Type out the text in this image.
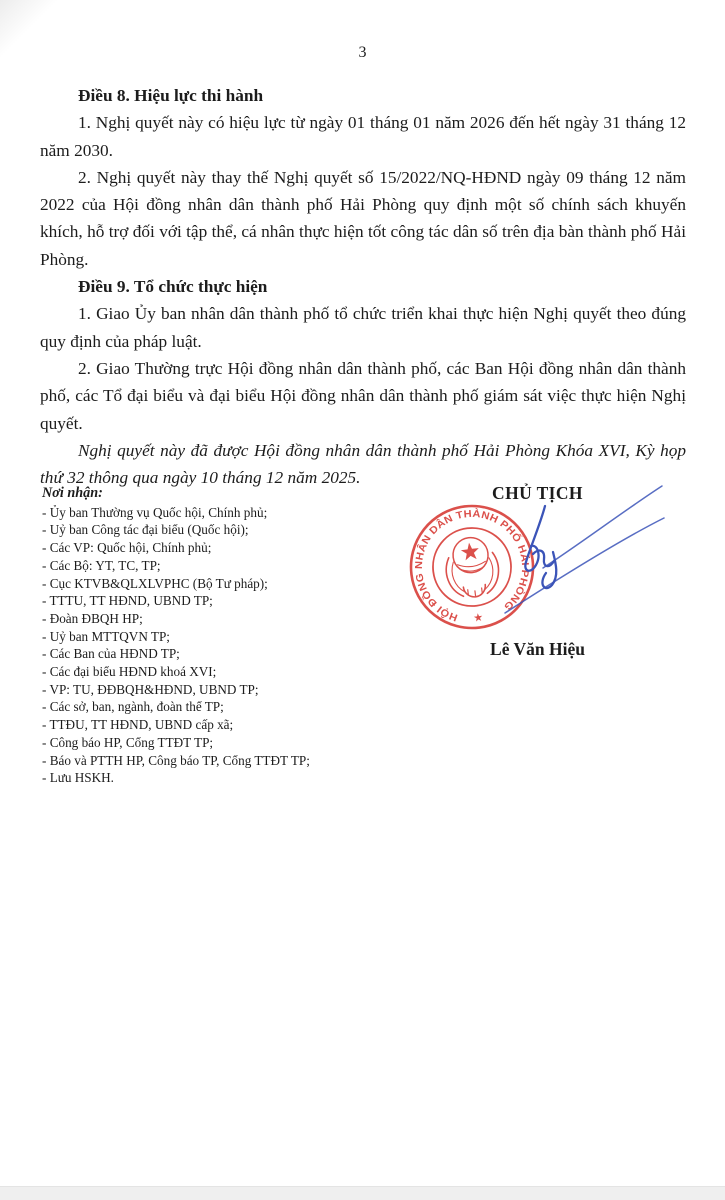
3
Điều 8. Hiệu lực thi hành

1. Nghị quyết này có hiệu lực từ ngày 01 tháng 01 năm 2026 đến hết ngày 31 tháng 12 năm 2030.

2. Nghị quyết này thay thế Nghị quyết số 15/2022/NQ-HĐND ngày 09 tháng 12 năm 2022 của Hội đồng nhân dân thành phố Hải Phòng quy định một số chính sách khuyến khích, hỗ trợ đối với tập thể, cá nhân thực hiện tốt công tác dân số trên địa bàn thành phố Hải Phòng.

Điều 9. Tổ chức thực hiện

1. Giao Ủy ban nhân dân thành phố tổ chức triển khai thực hiện Nghị quyết theo đúng quy định của pháp luật.

2. Giao Thường trực Hội đồng nhân dân thành phố, các Ban Hội đồng nhân dân thành phố, các Tổ đại biểu và đại biểu Hội đồng nhân dân thành phố giám sát việc thực hiện Nghị quyết.

Nghị quyết này đã được Hội đồng nhân dân thành phố Hải Phòng Khóa XVI, Kỳ họp thứ 32 thông qua ngày 10 tháng 12 năm 2025.

Nơi nhận:
- Ủy ban Thường vụ Quốc hội, Chính phủ;
- Uỷ ban Công tác đại biểu (Quốc hội);
- Các VP: Quốc hội, Chính phủ;
- Các Bộ: YT, TC, TP;
- Cục KTVB&QLXLVPHC (Bộ Tư pháp);
- TTTU, TT HĐND, UBND TP;
- Đoàn ĐBQH HP;
- Uỷ ban MTTQVN TP;
- Các Ban của HĐND TP;
- Các đại biểu HĐND khoá XVI;
- VP: TU, ĐĐBQH&HĐND, UBND TP;
- Các sở, ban, ngành, đoàn thể TP;
- TTĐU, TT HĐND, UBND cấp xã;
- Công báo HP, Cổng TTĐT TP;
- Báo và PTTH HP, Công báo TP, Cổng TTĐT TP;
- Lưu HSKH.
HỘI ĐỒNG NHÂN DÂN THÀNH PHỐ HẢI PHÒNG
★
CHỦ TỊCH
Lê Văn Hiệu
